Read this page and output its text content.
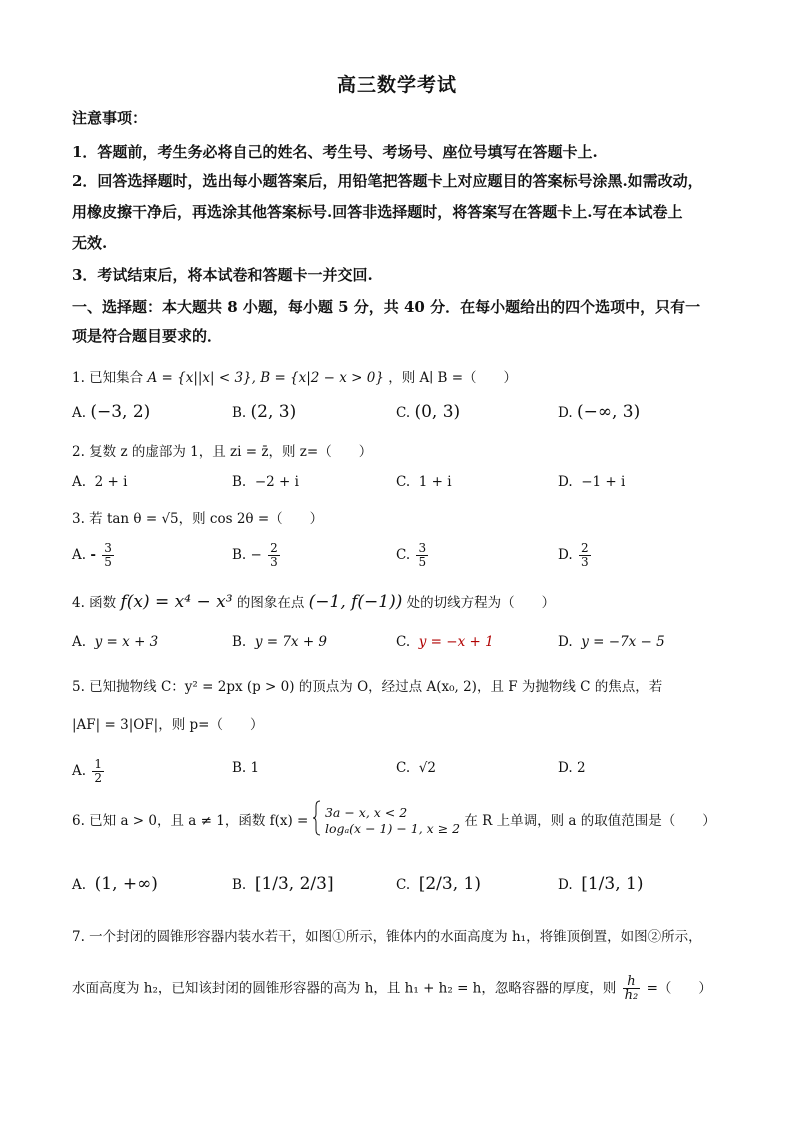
高三数学考试
注意事项：
1．答题前，考生务必将自己的姓名、考生号、考场号、座位号填写在答题卡上.
2．回答选择题时，选出每小题答案后，用铅笔把答题卡上对应题目的答案标号涂黑.如需改动，
用橡皮擦干净后，再选涂其他答案标号.回答非选择题时，将答案写在答题卡上.写在本试卷上
无效.
3．考试结束后，将本试卷和答题卡一并交回.
一、选择题：本大题共 8 小题，每小题 5 分，共 40 分．在每小题给出的四个选项中，只有一
项是符合题目要求的．
1. 已知集合 A = {x||x| < 3}, B = {x|2 − x > 0} ，则 A∣ B =（　　）
A. (−3, 2)	B. (2, 3)	C. (0, 3)	D. (−∞, 3)
2. 复数 z 的虚部为 1，且 zi = z̄，则 z=（　　）
A. 2 + i	B. −2 + i	C. 1 + i	D. −1 + i
3. 若 tan θ = √5，则 cos 2θ =（　　）
A. - $\frac{3}{5}$	B. − $\frac{2}{3}$	C. $\frac{3}{5}$	D. $\frac{2}{3}$
4. 函数 f(x) = x⁴ − x³ 的图象在点 (−1, f(−1)) 处的切线方程为（　　）
A. y = x + 3	B. y = 7x + 9	C. y = −x + 1	D. y = −7x − 5
5. 已知抛物线 C：y² = 2px (p > 0) 的顶点为 O，经过点 A(x₀, 2)，且 F 为抛物线 C 的焦点，若
|AF| = 3|OF|，则 p=（　　）
A. $\frac{1}{2}$	B. 1	C. √2	D. 2
6. 已知 a > 0，且 a ≠ 1，函数 f(x) =
3a − x, x < 2
logₐ(x − 1) − 1, x ≥ 2 在 R 上单调，则 a 的取值范围是（　　）
A. (1, +∞)	B. [1/3, 2/3]	C. [2/3, 1)	D. [1/3, 1)
7. 一个封闭的圆锥形容器内装水若干，如图①所示，锥体内的水面高度为 h₁，将锥顶倒置，如图②所示，
水面高度为 h₂，已知该封闭的圆锥形容器的高为 h，且 h₁ + h₂ = h，忽略容器的厚度，则 $\frac{h}{\text{h₂}}$ =（　　）
